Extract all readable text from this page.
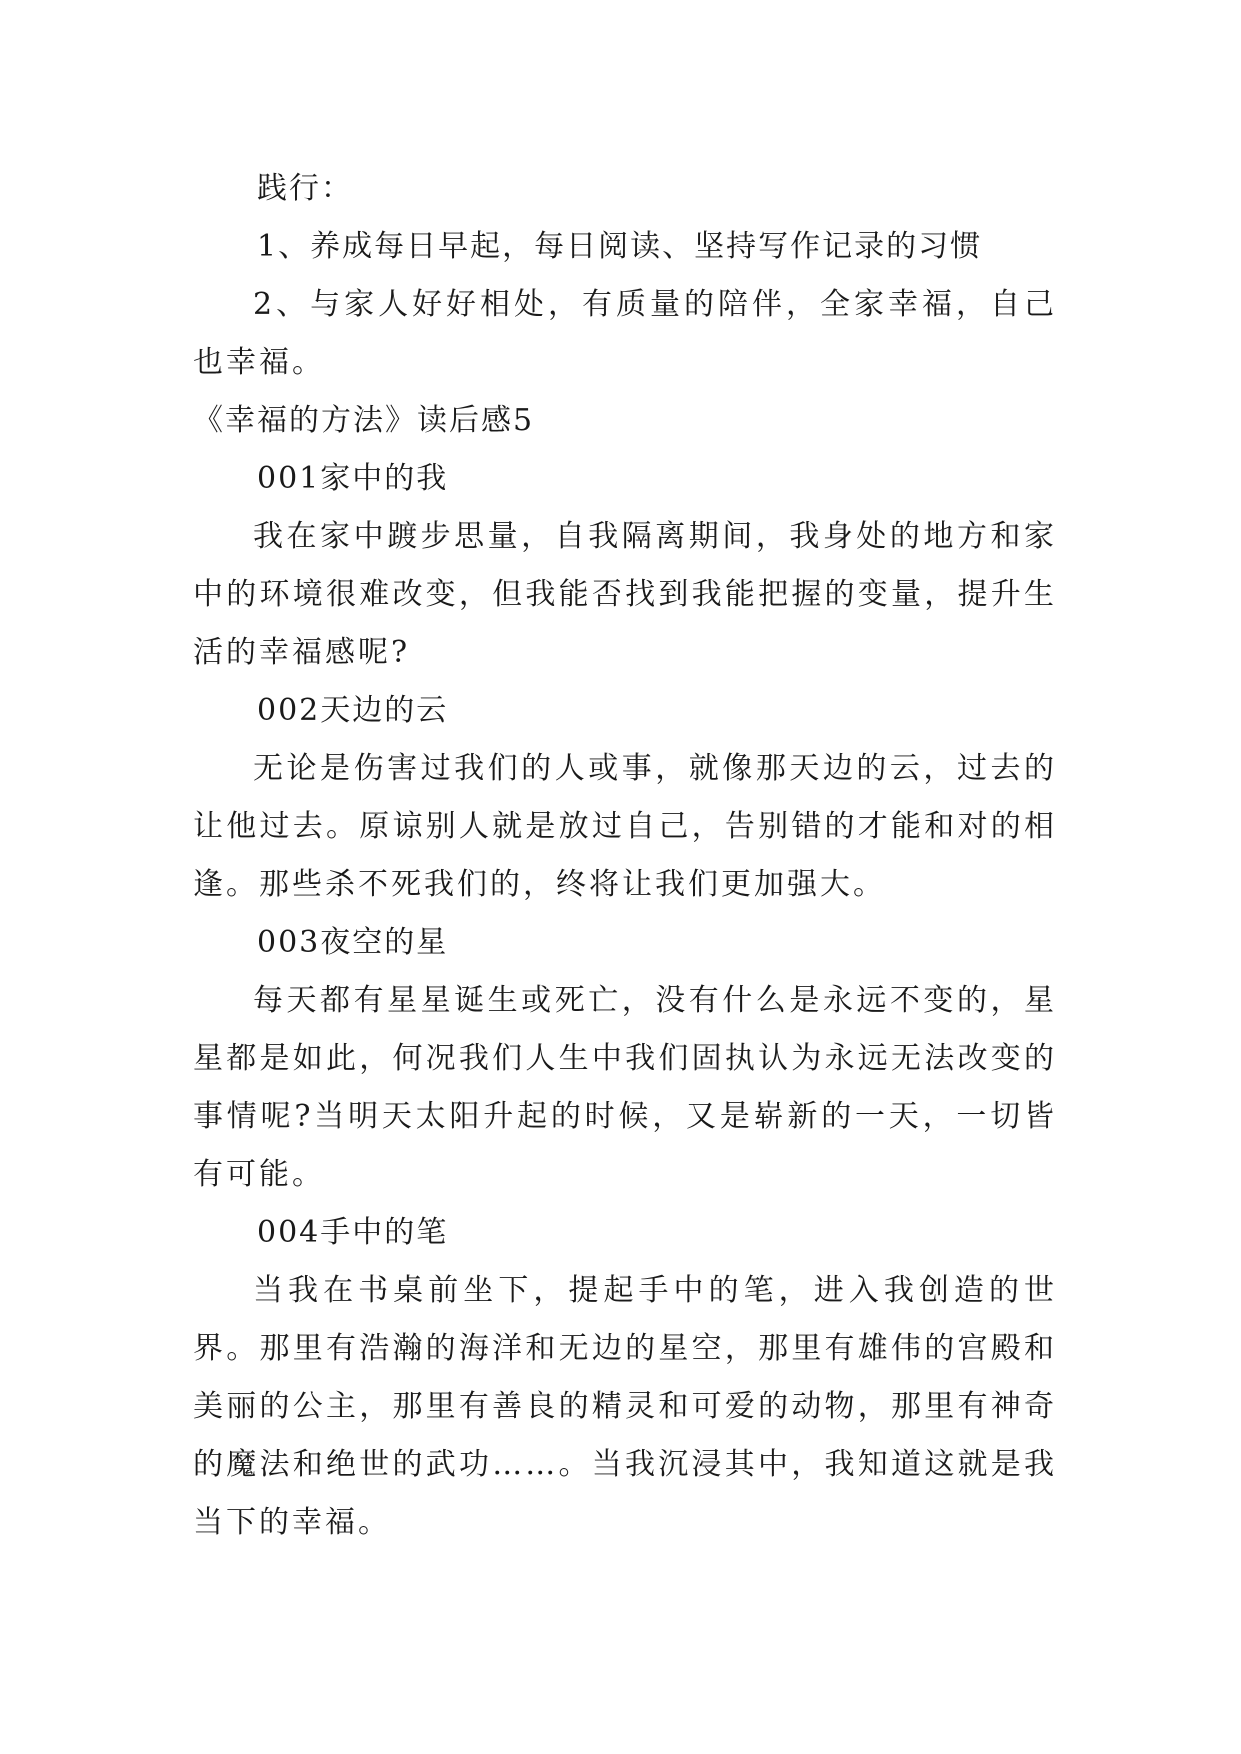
践行：
1、养成每日早起，每日阅读、坚持写作记录的习惯

2、与家人好好相处，有质量的陪伴，全家幸福，自己也幸福。

《幸福的方法》读后感5
001家中的我

我在家中踱步思量，自我隔离期间，我身处的地方和家中的环境很难改变，但我能否找到我能把握的变量，提升生活的幸福感呢?

002天边的云

无论是伤害过我们的人或事，就像那天边的云，过去的让他过去。原谅别人就是放过自己，告别错的才能和对的相逢。那些杀不死我们的，终将让我们更加强大。

003夜空的星

每天都有星星诞生或死亡，没有什么是永远不变的，星星都是如此，何况我们人生中我们固执认为永远无法改变的事情呢?当明天太阳升起的时候，又是崭新的一天，一切皆有可能。

004手中的笔

当我在书桌前坐下，提起手中的笔，进入我创造的世界。那里有浩瀚的海洋和无边的星空，那里有雄伟的宫殿和美丽的公主，那里有善良的精灵和可爱的动物，那里有神奇的魔法和绝世的武功……。当我沉浸其中，我知道这就是我当下的幸福。
